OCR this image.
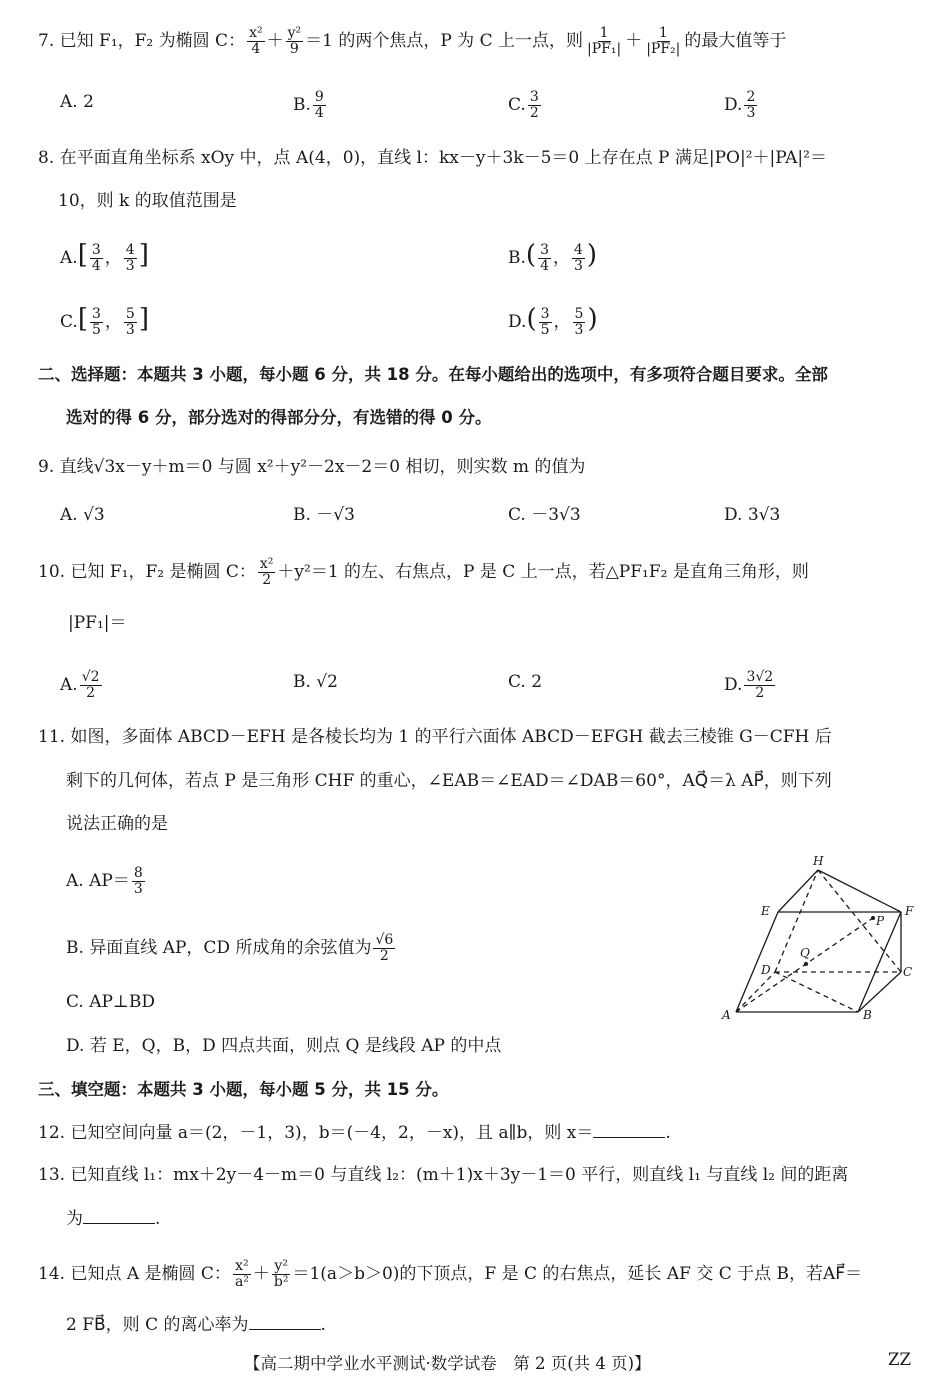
7. 已知 F₁，F₂ 为椭圆 C： $\frac{\text{x²}}{4} + \frac{\text{y²}}{9} =1$ 的两个焦点，P 为 C 上一点，则 $\frac{1}{\text{|PF₁|}} + \frac{1}{\text{|PF₂|}}$ 的最大值等于
A. 2	B. $\frac{9}{4}$	C. $\frac{3}{2}$	D. $\frac{2}{3}$
8. 在平面直角坐标系 xOy 中，点 A(4，0)，直线 l：kx－y＋3k－5＝0 上存在点 P 满足|PO|²＋|PA|²＝
10，则 k 的取值范围是
$A.[ \frac{3}{4}$ ， $\frac{4}{3}$ ]	$B.( \frac{3}{4}$ ， $\frac{4}{3}$ )
$C.[ \frac{3}{5}$ ， $\frac{5}{3}$ ]	$D.( \frac{3}{5}$ ， $\frac{5}{3}$ )
二、选择题：本题共 3 小题，每小题 6 分，共 18 分。在每小题给出的选项中，有多项符合题目要求。全部
选对的得 6 分，部分选对的得部分分，有选错的得 0 分。
9. 直线√3x－y＋m＝0 与圆 x²＋y²－2x－2＝0 相切，则实数 m 的值为
A. √3	B. －√3	C. －3√3	D. 3√3
10. 已知 F₁，F₂ 是椭圆 C： $\frac{\text{x²}}{2} +y^2=1$ 的左、右焦点，P 是 C 上一点，若△PF₁F₂ 是直角三角形，则
|PF₁|＝
A. $\frac{√2}{2}$	B. √2	C. 2	D. $\frac{3√2}{2}$
11. 如图，多面体 ABCD－EFH 是各棱长均为 1 的平行六面体 ABCD－EFGH 截去三棱锥 G－CFH 后
剩下的几何体，若点 P 是三角形 CHF 的重心，∠EAB＝∠EAD＝∠DAB＝60°，AQ⃗＝λ AP⃗，则下列
说法正确的是
A. $AP= \frac{8}{3}$
B. 异面直线 AP，CD 所成角的余弦值为 $\frac{√6}{2}$
C. AP⊥BD
D. 若 E，Q，B，D 四点共面，则点 Q 是线段 AP 的中点
H
E	F
P
Q
D	C
A	B
三、填空题：本题共 3 小题，每小题 5 分，共 15 分。
12. 已知空间向量 a＝(2，－1，3)，b＝(－4，2，－x)，且 a∥b，则 x＝	.
13. 已知直线 l₁：mx＋2y－4－m＝0 与直线 l₂：(m＋1)x＋3y－1＝0 平行，则直线 l₁ 与直线 l₂ 间的距离
为	.
14. 已知点 A 是椭圆 C： $\frac{\text{x²}}{\text{a²}} + \frac{\text{y²}}{\text{b²}} =1(a>b>0)$的下顶点，F 是 C 的右焦点，延长 AF 交 C 于点 B，若AF⃗＝
2 FB⃗，则 C 的离心率为	.
【高二期中学业水平测试·数学试卷　第 2 页(共 4 页)】	ZZ
